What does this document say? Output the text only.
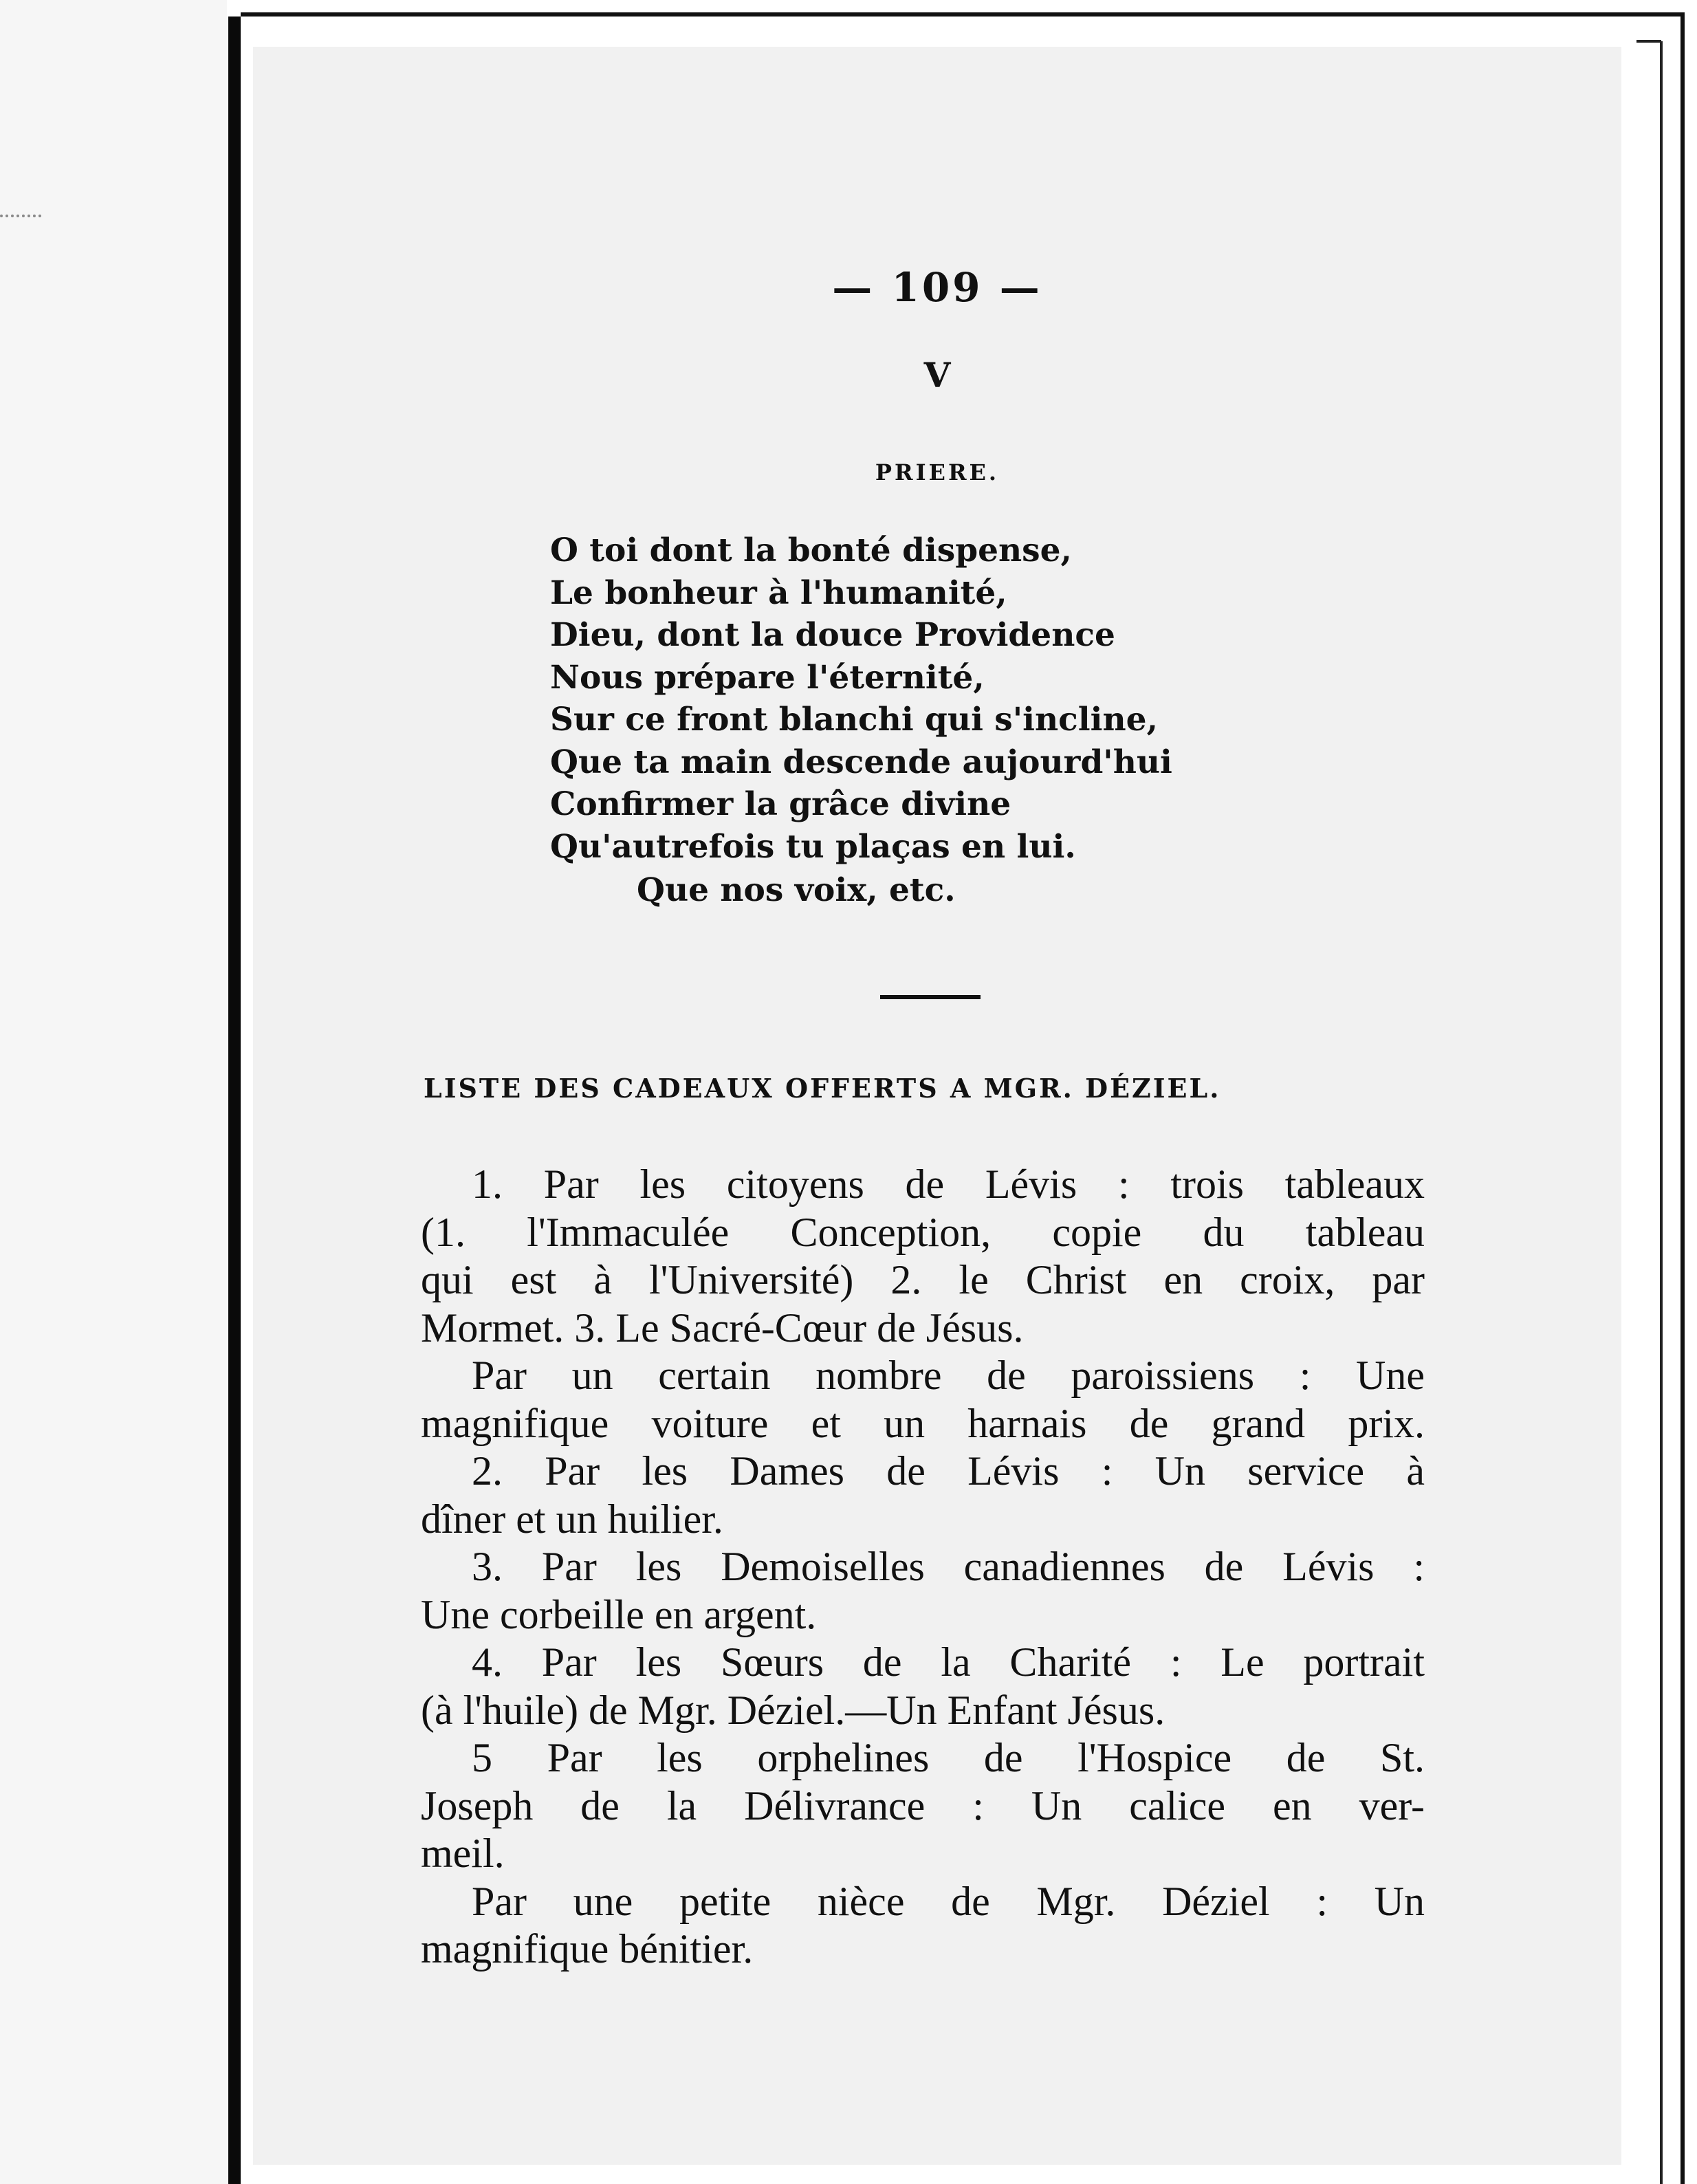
— 109 —
V
PRIERE.
O toi dont la bonté dispense,
Le bonheur à l'humanité,
Dieu, dont la douce Providence
Nous prépare l'éternité,
Sur ce front blanchi qui s'incline,
Que ta main descende aujourd'hui
Confirmer la grâce divine
Qu'autrefois tu plaças en lui.
Que nos voix, etc.
LISTE DES CADEAUX OFFERTS A MGR. DÉZIEL.
1. Par les citoyens de Lévis : trois tableaux
(1. l'Immaculée Conception, copie du tableau
qui est à l'Université) 2. le Christ en croix, par
Mormet. 3. Le Sacré-Cœur de Jésus.
Par un certain nombre de paroissiens : Une
magnifique voiture et un harnais de grand prix.
2. Par les Dames de Lévis : Un service à
dîner et un huilier.
3. Par les Demoiselles canadiennes de Lévis :
Une corbeille en argent.
4. Par les Sœurs de la Charité : Le portrait
(à l'huile) de Mgr. Déziel.—Un Enfant Jésus.
5 Par les orphelines de l'Hospice de St.
Joseph de la Délivrance : Un calice en ver-
meil.
Par une petite nièce de Mgr. Déziel : Un
magnifique bénitier.
